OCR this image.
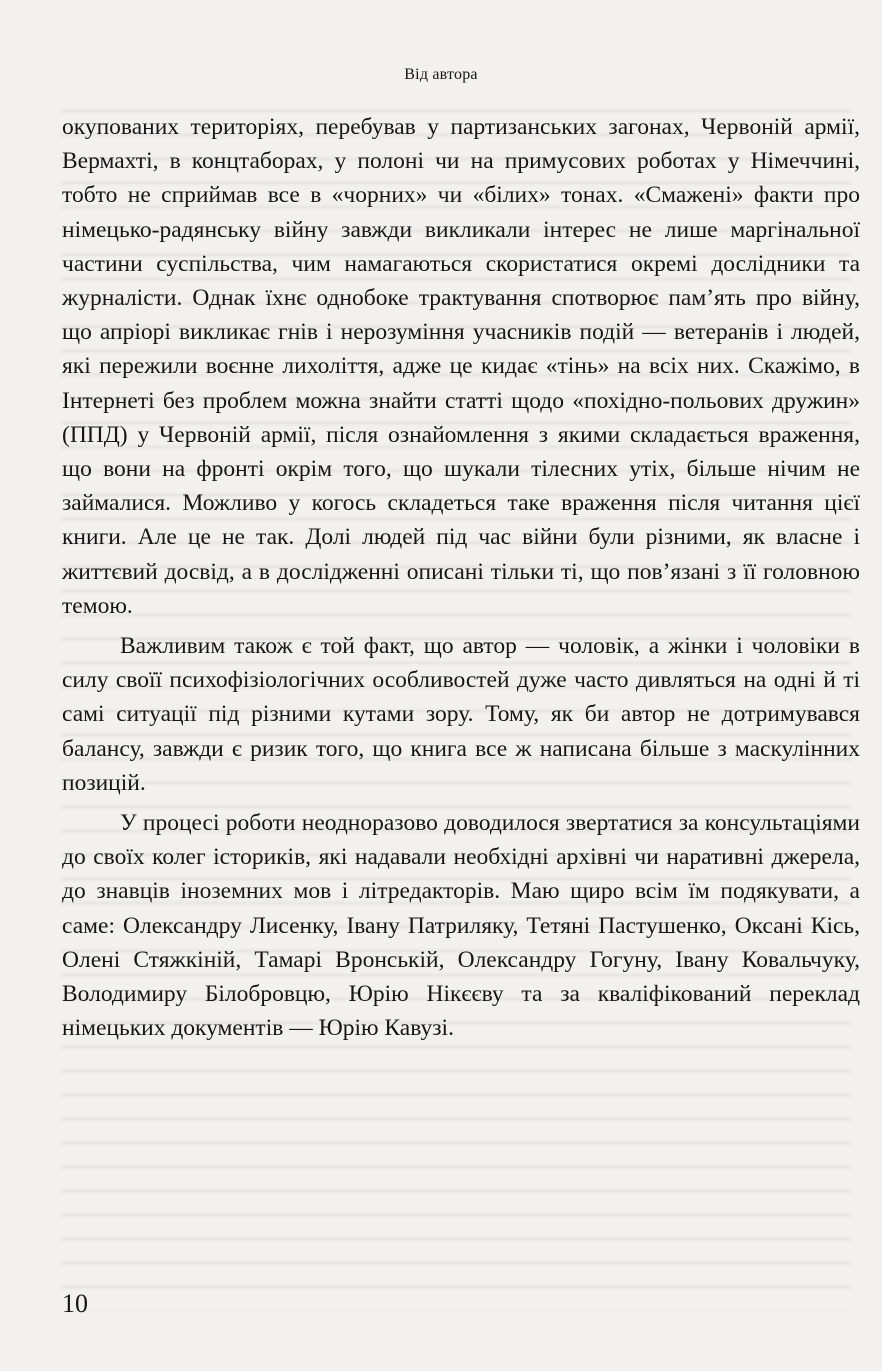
Від автора

окупованих територіях, перебував у партизанських загонах, Червоній армії, Вермахті, в концтаборах, у полоні чи на примусових роботах у Німеччині, тобто не сприймав все в «чорних» чи «білих» тонах. «Смажені» факти про німецько-радянську війну завжди викликали інтерес не лише маргінальної частини суспільства, чим намагаються скористатися окремі дослідники та журналісти. Однак їхнє однобоке трактування спотворює пам’ять про війну, що апріорі викликає гнів і нерозуміння учасників подій — ветеранів і людей, які пережили воєнне лихоліття, адже це кидає «тінь» на всіх них. Скажімо, в Інтернеті без проблем можна знайти статті щодо «похідно-польових дружин» (ППД) у Червоній армії, після ознайомлення з якими складається враження, що вони на фронті окрім того, що шукали тілесних утіх, більше нічим не займалися. Можливо у когось складеться таке враження після читання цієї книги. Але це не так. Долі людей під час війни були різними, як власне і життєвий досвід, а в дослідженні описані тільки ті, що пов’язані з її головною темою.

Важливим також є той факт, що автор — чоловік, а жінки і чоловіки в силу своїї психофізіологічних особливостей дуже часто дивляться на одні й ті самі ситуації під різними кутами зору. Тому, як би автор не дотримувався балансу, завжди є ризик того, що книга все ж написана більше з маскулінних позицій.

У процесі роботи неодноразово доводилося звертатися за консультаціями до своїх колег істориків, які надавали необхідні архівні чи наративні джерела, до знавців іноземних мов і літредакторів. Маю щиро всім їм подякувати, а саме: Олександру Лисенку, Івану Патриляку, Тетяні Пастушенко, Оксані Кісь, Олені Стяжкіній, Тамарі Вронській, Олександру Гогуну, Івану Ковальчуку, Володимиру Білобровцю, Юрію Нікєєву та за кваліфікований переклад німецьких документів — Юрію Кавузі.

10
